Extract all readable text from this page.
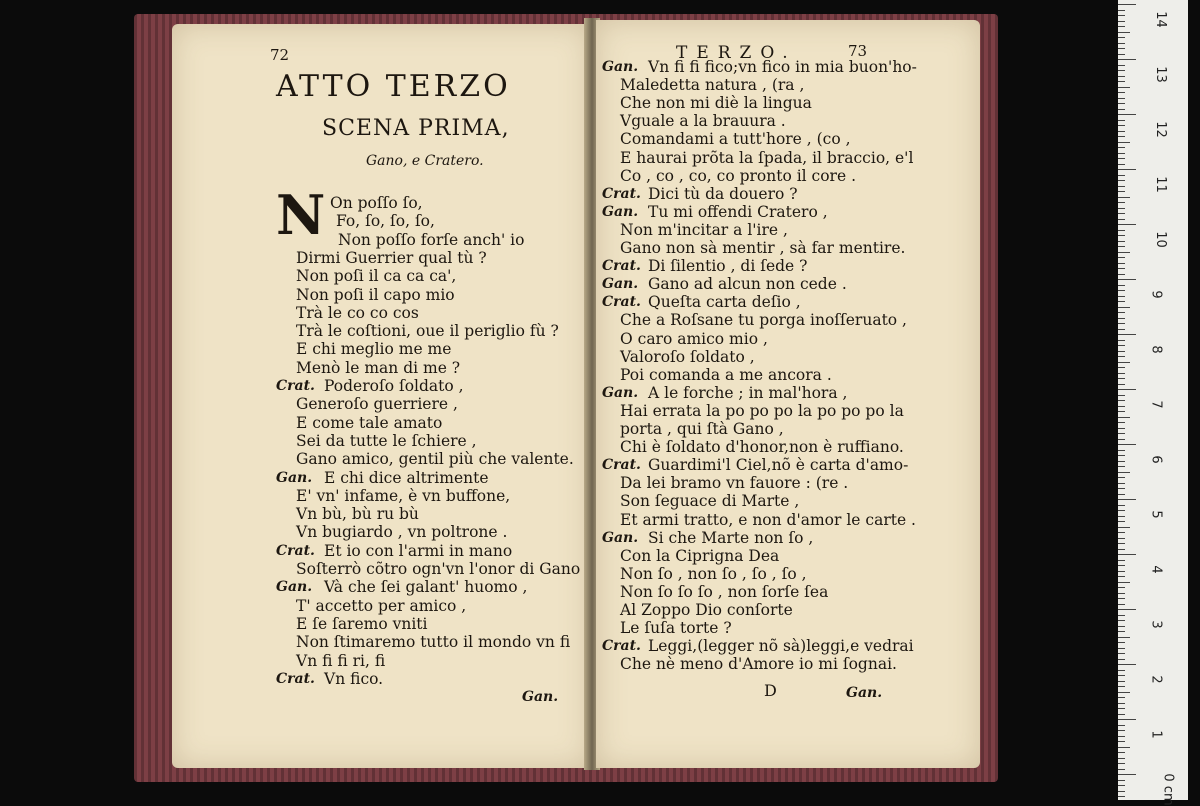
72
ATTO TERZO
SCENA PRIMA,
Gano, e Cratero.
N On poſſo ſo,
Fo, ſo, ſo, ſo,
Non poſſo forſe anch' io
Dirmi Guerrier qual tù ?
Non poſi il ca ca ca',
Non poſi il capo mio
Trà le co co cos
Trà le coſtioni, oue il periglio fù ?
E chi meglio me me
Menò le man di me ?
Crat. Poderoſo ſoldato ,
Generoſo guerriere ,
E come tale amato
Sei da tutte le ſchiere ,
Gano amico, gentil più che valente.
Gan. E chi dice altrimente
E' vn' infame, è vn buffone,
Vn bù, bù ru bù
Vn bugiardo , vn poltrone .
Crat. Et io con l'armi in mano
Soſterrò cõtro ogn'vn l'onor di Gano
Gan. Và che ſei galant' huomo ,
T' accetto per amico ,
E ſe ſaremo vniti
Non ſtimaremo tutto il mondo vn fi
Vn fi fi ri, fi
Crat. Vn fico.
Gan.
TERZO.	73
Gan. Vn fi fi fico;vn fico in mia buon'ho-
Maledetta natura , (ra ,
Che non mi diè la lingua
Vguale a la brauura .
Comandami a tutt'hore , (co ,
E haurai prõta la ſpada, il braccio, e'l
Co , co , co, co pronto il core .
Crat. Dici tù da douero ?
Gan. Tu mi offendi Cratero ,
Non m'incitar a l'ire ,
Gano non sà mentir , sà far mentire.
Crat. Di ſilentio , di ſede ?
Gan. Gano ad alcun non cede .
Crat. Queſta carta deſio ,
Che a Roſsane tu porga inoſſeruato ,
O caro amico mio ,
Valoroſo ſoldato ,
Poi comanda a me ancora .
Gan. A le forche ; in mal'hora ,
Hai errata la po po po la po po po la
porta , qui ſtà Gano ,
Chi è ſoldato d'honor,non è ruffiano.
Crat. Guardimi'l Ciel,nõ è carta d'amo-
Da lei bramo vn fauore : (re .
Son ſeguace di Marte ,
Et armi tratto, e non d'amor le carte .
Gan. Si che Marte non ſo ,
Con la Ciprigna Dea
Non ſo , non ſo , ſo , ſo ,
Non ſo ſo ſo , non ſorſe ſea
Al Zoppo Dio conſorte
Le ſuſa torte ?
Crat. Leggi,(legger nõ sà)leggi,e vedrai
Che nè meno d'Amore io mi ſognai.
D	Gan.
14
13
12
11
10
9
8
7
6
5
4
3
2
1
0 cm
